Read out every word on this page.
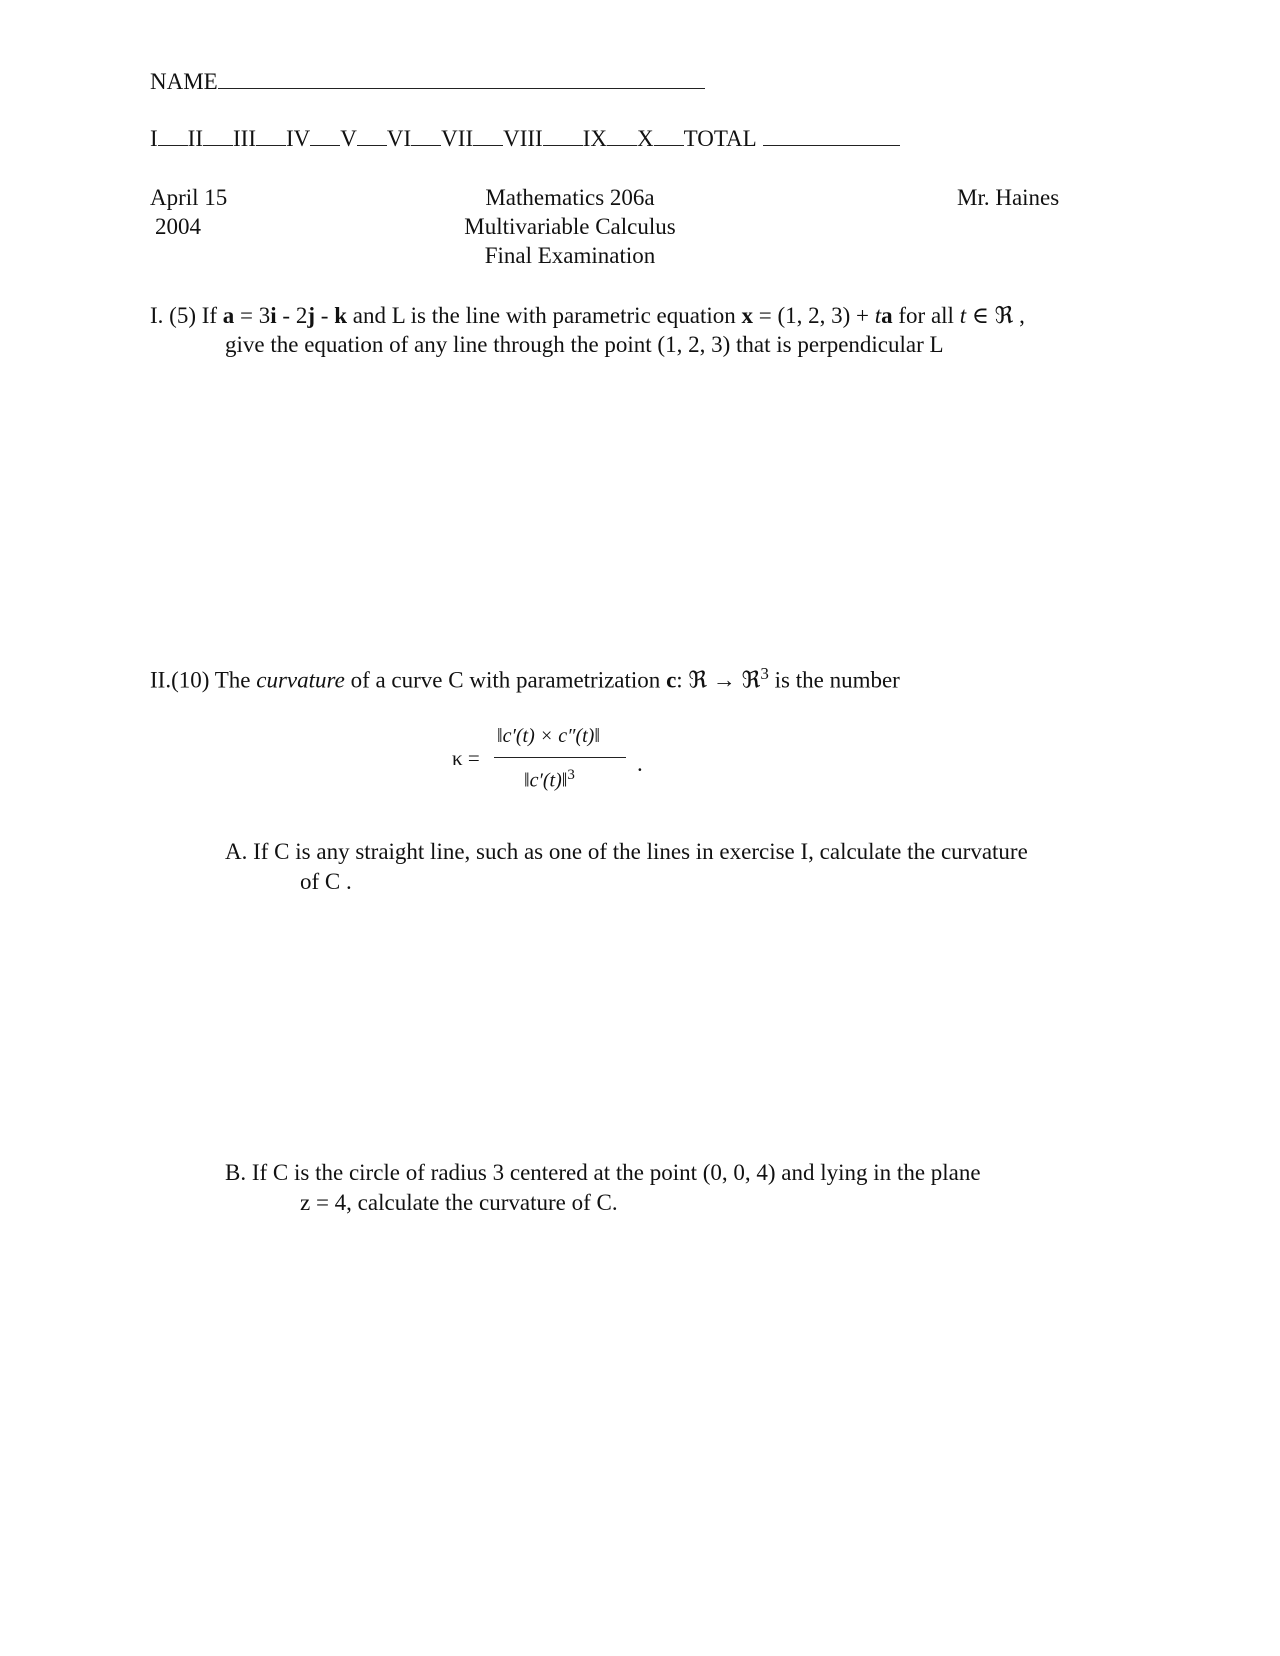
NAME
I II III IV V VI VII VIII IX X TOTAL
April 15
2004
Mathematics 206a
Multivariable Calculus
Final Examination
Mr. Haines
I. (5) If a = 3i - 2j - k and L is the line with parametric equation x = (1, 2, 3) + ta for all t ∈ ℜ ,
give the equation of any line through the point (1, 2, 3) that is perpendicular L
II.(10) The curvature of a curve C with parametrization c: ℜ → ℜ$^3$ is the number
κ =
‖c′(t) × c″(t)‖
‖c′(t)‖$^3$	.
A. If C is any straight line, such as one of the lines in exercise I, calculate the curvature
of C .
B. If C is the circle of radius 3 centered at the point (0, 0, 4) and lying in the plane
z = 4, calculate the curvature of C.
